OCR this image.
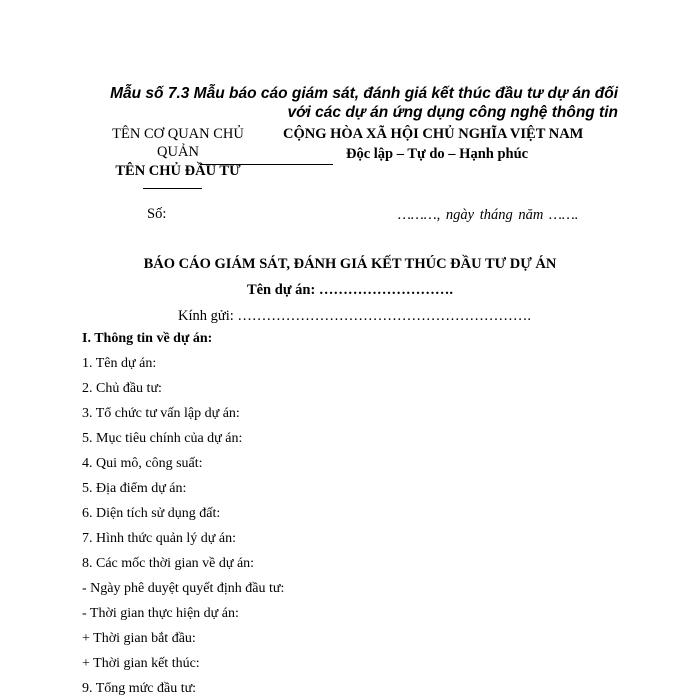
Mẫu số 7.3 Mẫu báo cáo giám sát, đánh giá kết thúc đầu tư dự án đối
với các dự án ứng dụng công nghệ thông tin
TÊN CƠ QUAN CHỦ
QUẢN
TÊN CHỦ ĐẦU TƯ
Số:
CỘNG HÒA XÃ HỘI CHỦ NGHĨA VIỆT NAM
Độc lập – Tự do – Hạnh phúc
………, ngày tháng năm …….
BÁO CÁO GIÁM SÁT, ĐÁNH GIÁ KẾT THÚC ĐẦU TƯ DỰ ÁN
Tên dự án: ……………………….
Kính gửi: …………………………………………………….
I. Thông tin về dự án:
1. Tên dự án:
2. Chủ đầu tư:
3. Tổ chức tư vấn lập dự án:
5. Mục tiêu chính của dự án:
4. Qui mô, công suất:
5. Địa điểm dự án:
6. Diện tích sử dụng đất:
7. Hình thức quản lý dự án:
8. Các mốc thời gian về dự án:
- Ngày phê duyệt quyết định đầu tư:
- Thời gian thực hiện dự án:
+ Thời gian bắt đầu:
+ Thời gian kết thúc:
9. Tổng mức đầu tư:
